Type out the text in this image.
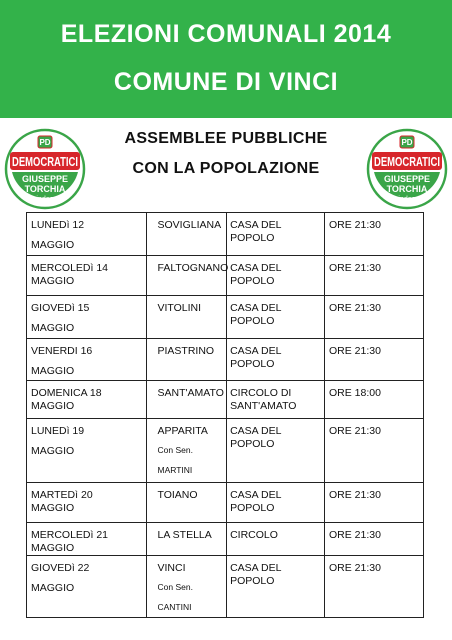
ELEZIONI COMUNALI 2014
COMUNE DI VINCI
ASSEMBLEE PUBBLICHE
CON LA POPOLAZIONE
PD
DEMOCRATICI
GIUSEPPE
TORCHIA
sindaco
PD
DEMOCRATICI
GIUSEPPE
TORCHIA
sindaco
LUNEDì 12
MAGGIO	SOVIGLIANA	CASA DEL POPOLO	ORE 21:30

MERCOLEDì 14
MAGGIO	FALTOGNANO	CASA DEL POPOLO	ORE 21:30

GIOVEDì 15
MAGGIO	VITOLINI	CASA DEL POPOLO	ORE 21:30

VENERDI 16
MAGGIO	PIASTRINO	CASA DEL POPOLO	ORE 21:30

DOMENICA 18
MAGGIO	SANT'AMATO	CIRCOLO DI
SANT'AMATO	ORE 18:00

LUNEDì 19
MAGGIO	APPARITA
Con Sen.
MARTINI	CASA DEL POPOLO	ORE 21:30

MARTEDì 20
MAGGIO	TOIANO	CASA DEL POPOLO	ORE 21:30

MERCOLEDì 21
MAGGIO	LA STELLA	CIRCOLO	ORE 21:30

GIOVEDì 22
MAGGIO	VINCI
Con Sen.
CANTINI	CASA DEL POPOLO	ORE 21:30
